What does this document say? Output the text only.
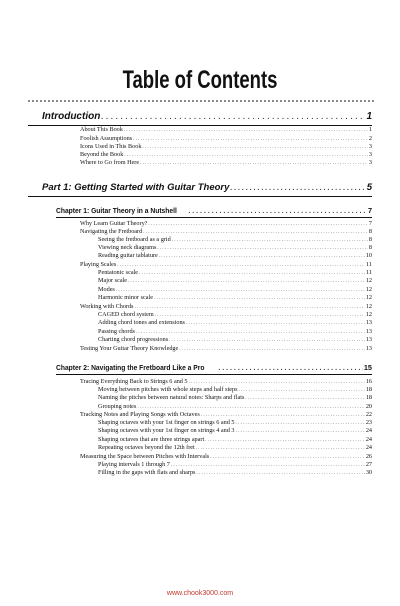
Table of Contents
Introduction . . .	1
About This Book . . .	1
Foolish Assumptions . . .	2
Icons Used in This Book . . .	3
Beyond the Book . . .	3
Where to Go from Here . . .	3
Part 1: Getting Started with Guitar Theory . . .	5
Chapter 1: Guitar Theory in a Nutshell . . .	7
Why Learn Guitar Theory? . . .	7
Navigating the Fretboard . . .	8
Seeing the fretboard as a grid . . .	8
Viewing neck diagrams . . .	8
Reading guitar tablature . . .	10
Playing Scales . . .	11
Pentatonic scale . . .	11
Major scale . . .	12
Modes . . .	12
Harmonic minor scale . . .	12
Working with Chords . . .	12
CAGED chord system . . .	12
Adding chord tones and extensions . . .	13
Passing chords . . .	13
Charting chord progressions . . .	13
Testing Your Guitar Theory Knowledge . . .	13
Chapter 2: Navigating the Fretboard Like a Pro . . .	15
Tracing Everything Back to Strings 6 and 5 . . .	16
Moving between pitches with whole steps and half steps . . .	18
Naming the pitches between natural notes: Sharps and flats . . .	18
Grouping notes . . .	20
Tracking Notes and Playing Songs with Octaves . . .	22
Shaping octaves with your 1st finger on strings 6 and 5 . . .	23
Shaping octaves with your 1st finger on strings 4 and 3 . . .	24
Shaping octaves that are three strings apart . . .	24
Repeating octaves beyond the 12th fret . . .	24
Measuring the Space between Pitches with Intervals . . .	26
Playing intervals 1 through 7 . . .	27
Filling in the gaps with flats and sharps . . .	30
www.chook3000.com
